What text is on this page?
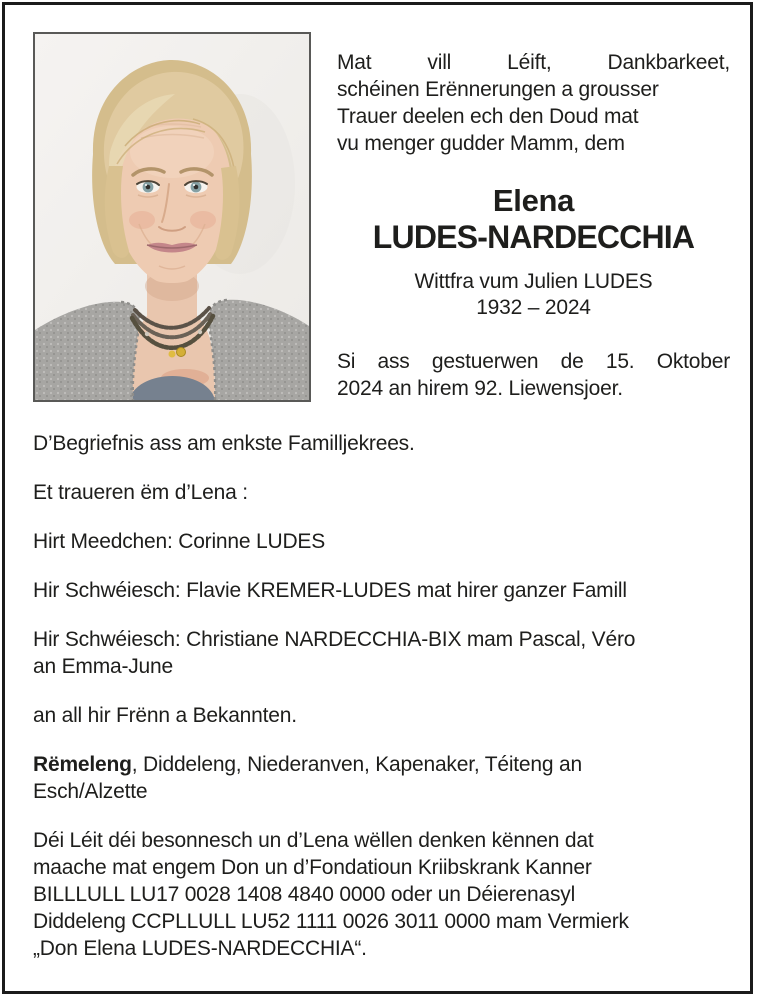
Mat vill Léift, Dankbarkeet,
schéinen Erënnerungen a grousser
Trauer deelen ech den Doud mat
vu menger gudder Mamm, dem
Elena
LUDES-NARDECCHIA
Wittfra vum Julien LUDES
1932 – 2024
Si ass gestuerwen de 15. Oktober
2024 an hirem 92. Liewensjoer.
D’Begriefnis ass am enkste Familljekrees.
Et traueren ëm d’Lena :
Hirt Meedchen: Corinne LUDES
Hir Schwéiesch: Flavie KREMER-LUDES mat hirer ganzer Famill
Hir Schwéiesch: Christiane NARDECCHIA-BIX mam Pascal, Véro
an Emma-June
an all hir Frënn a Bekannten.
Rëmeleng, Diddeleng, Niederanven, Kapenaker, Téiteng an
Esch/Alzette
Déi Léit déi besonnesch un d’Lena wëllen denken kënnen dat
maache mat engem Don un d’Fondatioun Kriibskrank Kanner
BILLLULL LU17 0028 1408 4840 0000 oder un Déierenasyl
Diddeleng CCPLLULL LU52 1111 0026 3011 0000 mam Vermierk
„Don Elena LUDES-NARDECCHIA“.
